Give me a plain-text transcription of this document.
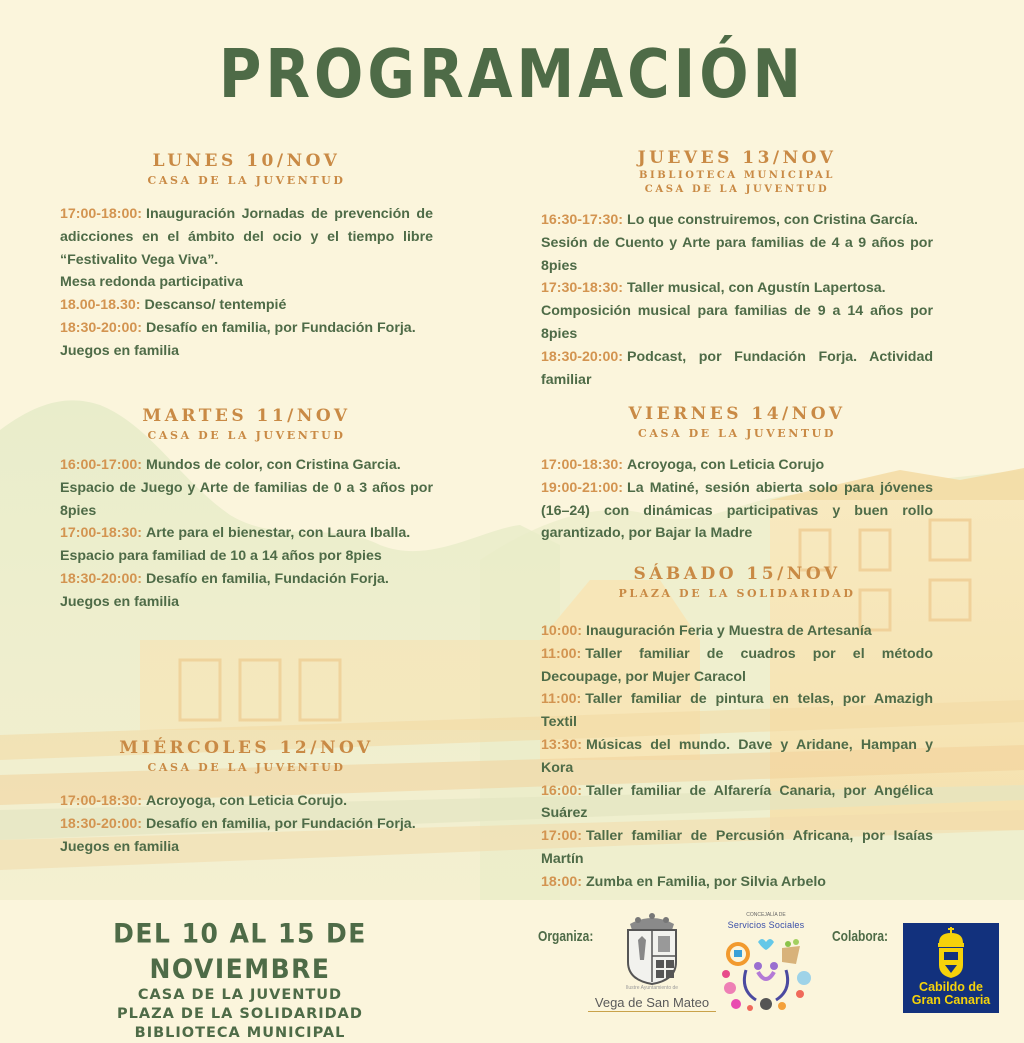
PROGRAMACIÓN
LUNES 10/NOV
CASA DE LA JUVENTUD
17:00-18:00: Inauguración Jornadas de prevención de adicciones en el ámbito del ocio y el tiempo libre “Festivalito Vega Viva”.
Mesa redonda participativa
18.00-18.30: Descanso/ tentempié
18:30-20:00: Desafío en familia, por Fundación Forja.
Juegos en familia
MARTES 11/NOV
CASA DE LA JUVENTUD
16:00-17:00: Mundos de color, con Cristina Garcia.
Espacio de Juego y Arte de familias de 0 a 3 años por 8pies
17:00-18:30: Arte para el bienestar, con Laura Iballa.
Espacio para familiad de 10 a 14 años por 8pies
18:30-20:00: Desafío en familia, Fundación Forja.
Juegos en familia
MIÉRCOLES 12/NOV
CASA DE LA JUVENTUD
17:00-18:30: Acroyoga, con Leticia Corujo.
18:30-20:00: Desafío en familia, por Fundación Forja.
Juegos en familia
JUEVES 13/NOV
BIBLIOTECA MUNICIPAL
CASA DE LA JUVENTUD
16:30-17:30: Lo que construiremos, con Cristina García.
Sesión de Cuento y Arte para familias de 4 a 9 años por 8pies
17:30-18:30: Taller musical, con Agustín Lapertosa.
Composición musical para familias de 9 a 14 años por 8pies
18:30-20:00: Podcast, por Fundación Forja. Actividad familiar
VIERNES 14/NOV
CASA DE LA JUVENTUD
17:00-18:30: Acroyoga, con Leticia Corujo
19:00-21:00: La Matiné, sesión abierta solo para jóvenes (16–24) con dinámicas participativas y buen rollo garantizado, por Bajar la Madre
SÁBADO 15/NOV
PLAZA DE LA SOLIDARIDAD
10:00: Inauguración Feria y Muestra de Artesanía
11:00: Taller familiar de cuadros por el método Decoupage, por Mujer Caracol
11:00: Taller familiar de pintura en telas, por Amazigh Textil
13:30: Músicas del mundo. Dave y Aridane, Hampan y Kora
16:00: Taller familiar de Alfarería Canaria, por Angélica Suárez
17:00: Taller familiar de Percusión Africana, por Isaías Martín
18:00: Zumba en Familia, por Silvia Arbelo
DEL 10 AL 15 DE NOVIEMBRE
CASA DE LA JUVENTUD
PLAZA DE LA SOLIDARIDAD
BIBLIOTECA MUNICIPAL
Organiza:
Ilustre Ayuntamiento de
Vega de San Mateo
CONCEJALÍA DE
Servicios Sociales
Colabora:
Cabildo de
Gran Canaria
